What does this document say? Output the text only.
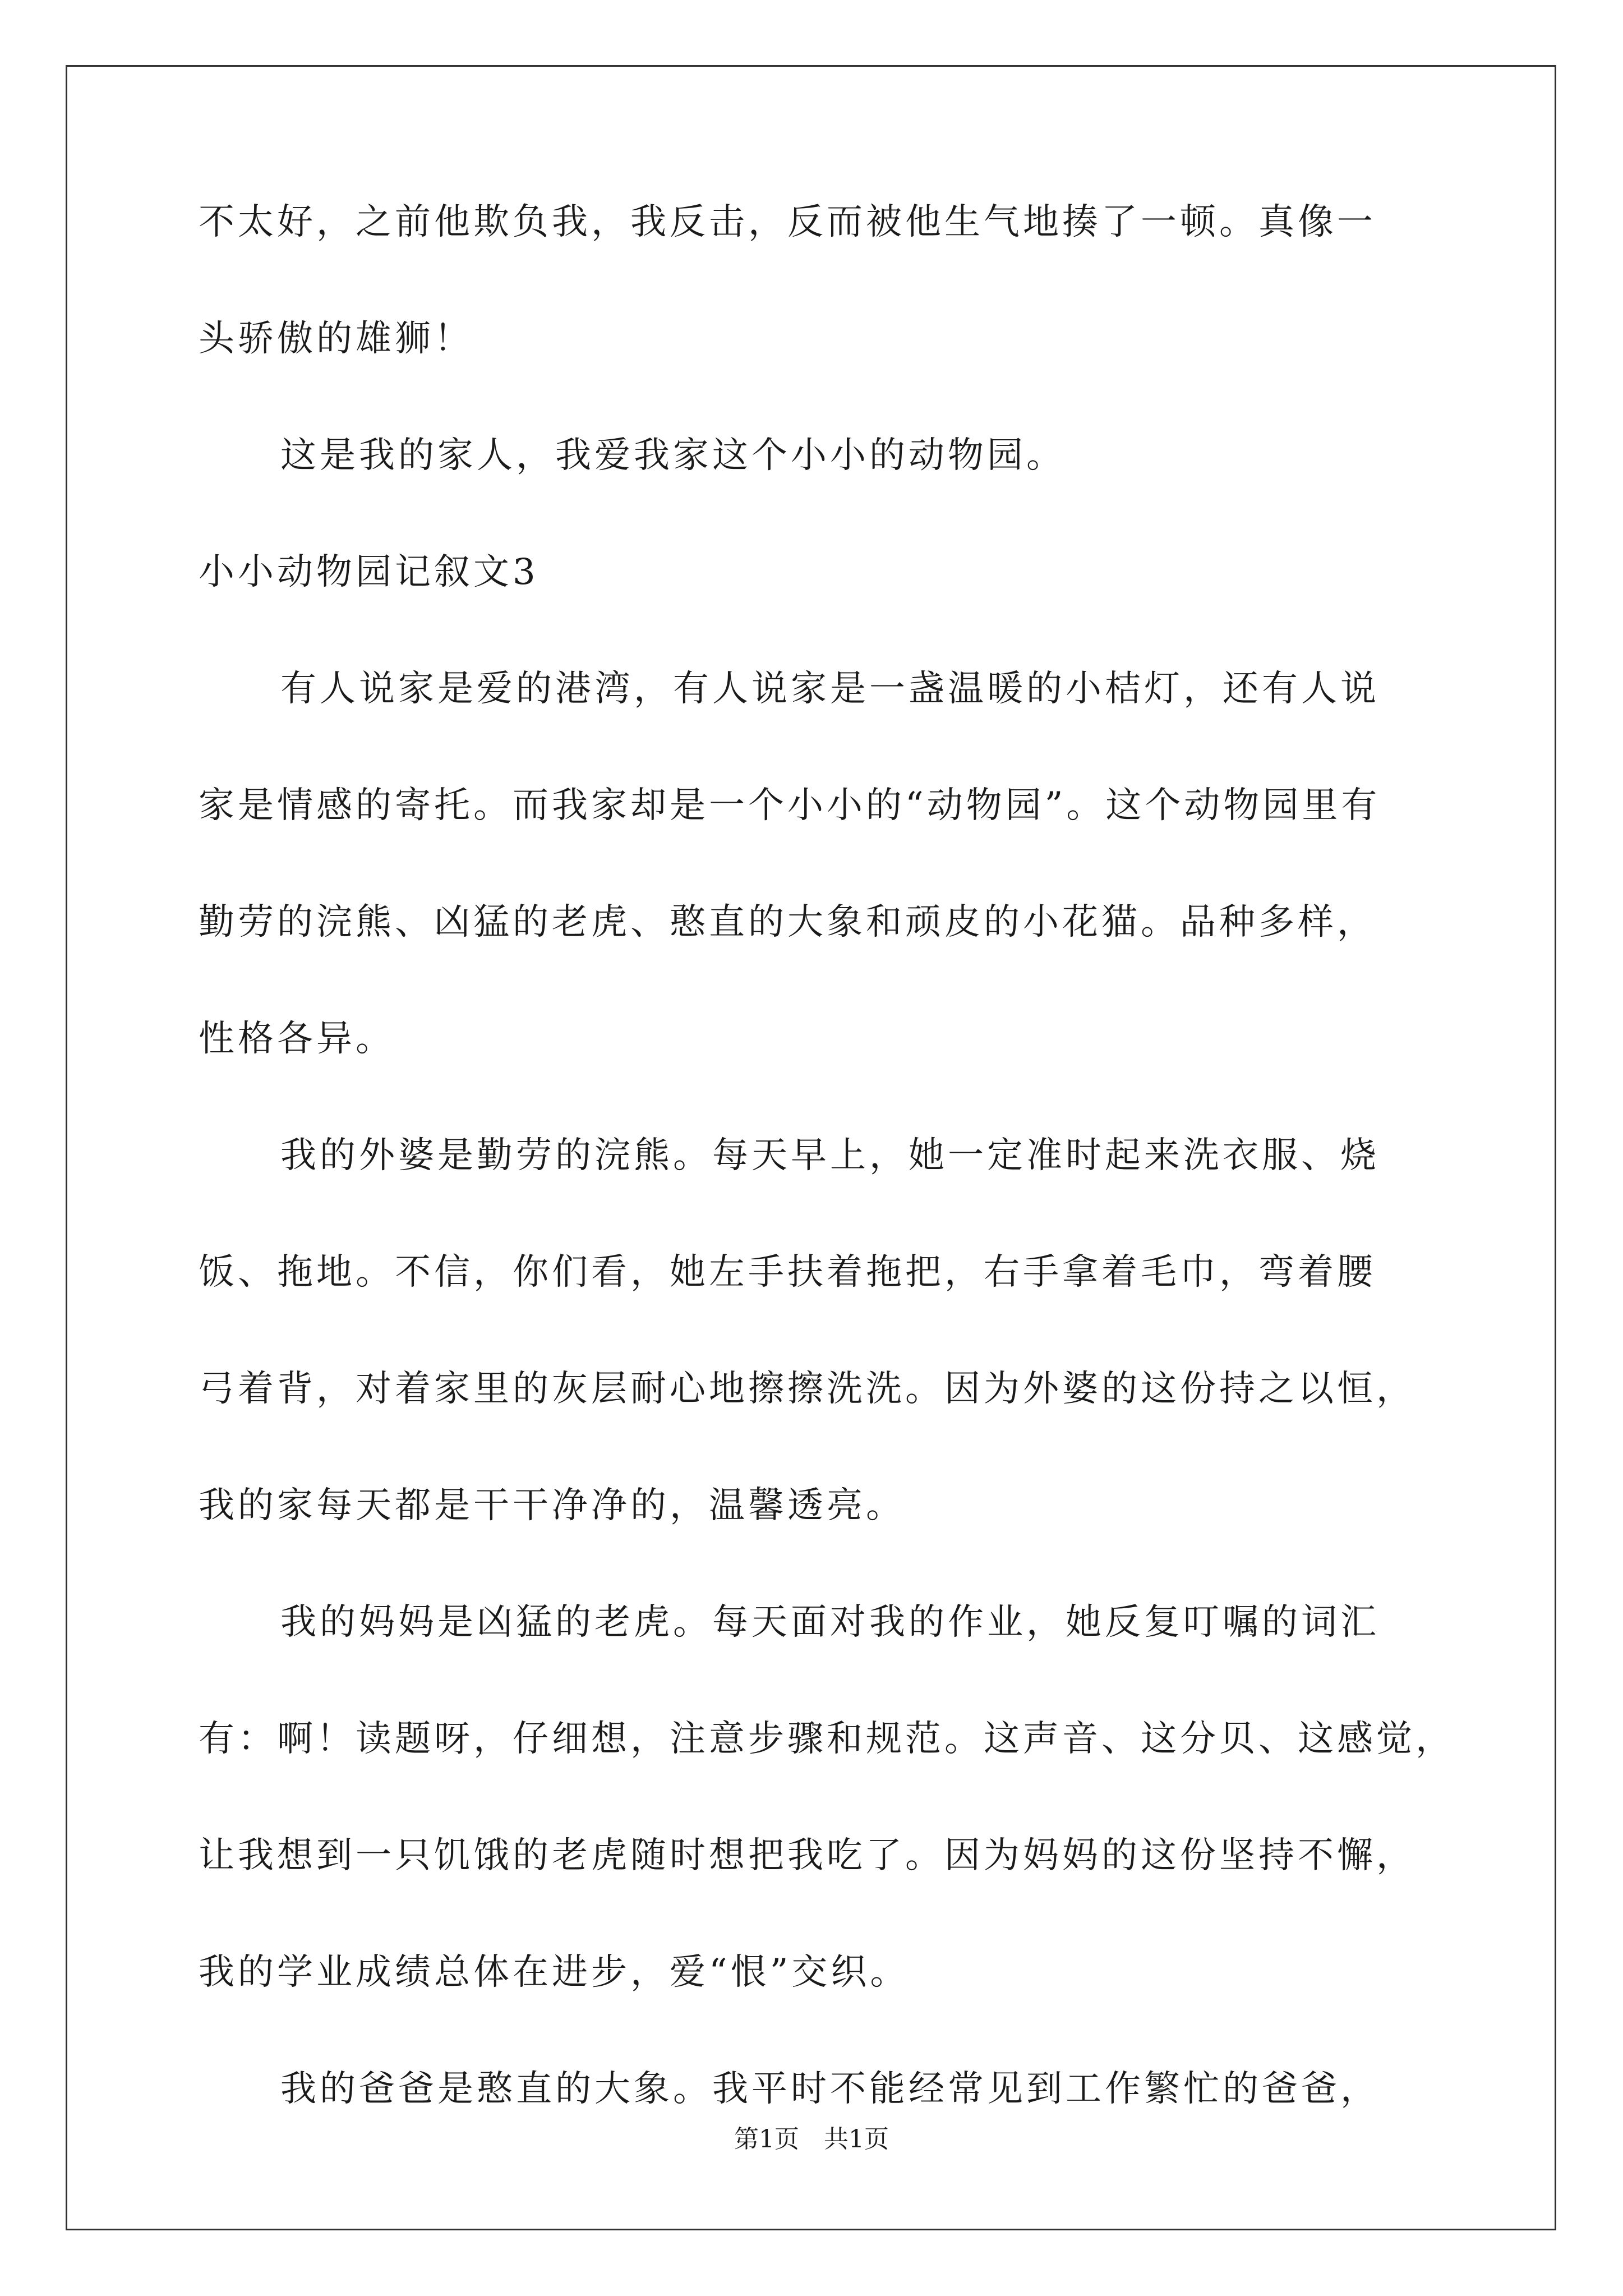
不太好，之前他欺负我，我反击，反而被他生气地揍了一顿。真像一

头骄傲的雄狮！

这是我的家人，我爱我家这个小小的动物园。

小小动物园记叙文3

有人说家是爱的港湾，有人说家是一盏温暖的小桔灯，还有人说

家是情感的寄托。而我家却是一个小小的“动物园”。这个动物园里有

勤劳的浣熊、凶猛的老虎、憨直的大象和顽皮的小花猫。品种多样，

性格各异。

我的外婆是勤劳的浣熊。每天早上，她一定准时起来洗衣服、烧

饭、拖地。不信，你们看，她左手扶着拖把，右手拿着毛巾，弯着腰

弓着背，对着家里的灰层耐心地擦擦洗洗。因为外婆的这份持之以恒，

我的家每天都是干干净净的，温馨透亮。

我的妈妈是凶猛的老虎。每天面对我的作业，她反复叮嘱的词汇

有：啊！读题呀，仔细想，注意步骤和规范。这声音、这分贝、这感觉，

让我想到一只饥饿的老虎随时想把我吃了。因为妈妈的这份坚持不懈，

我的学业成绩总体在进步，爱“恨”交织。

我的爸爸是憨直的大象。我平时不能经常见到工作繁忙的爸爸，

第1页　共1页
